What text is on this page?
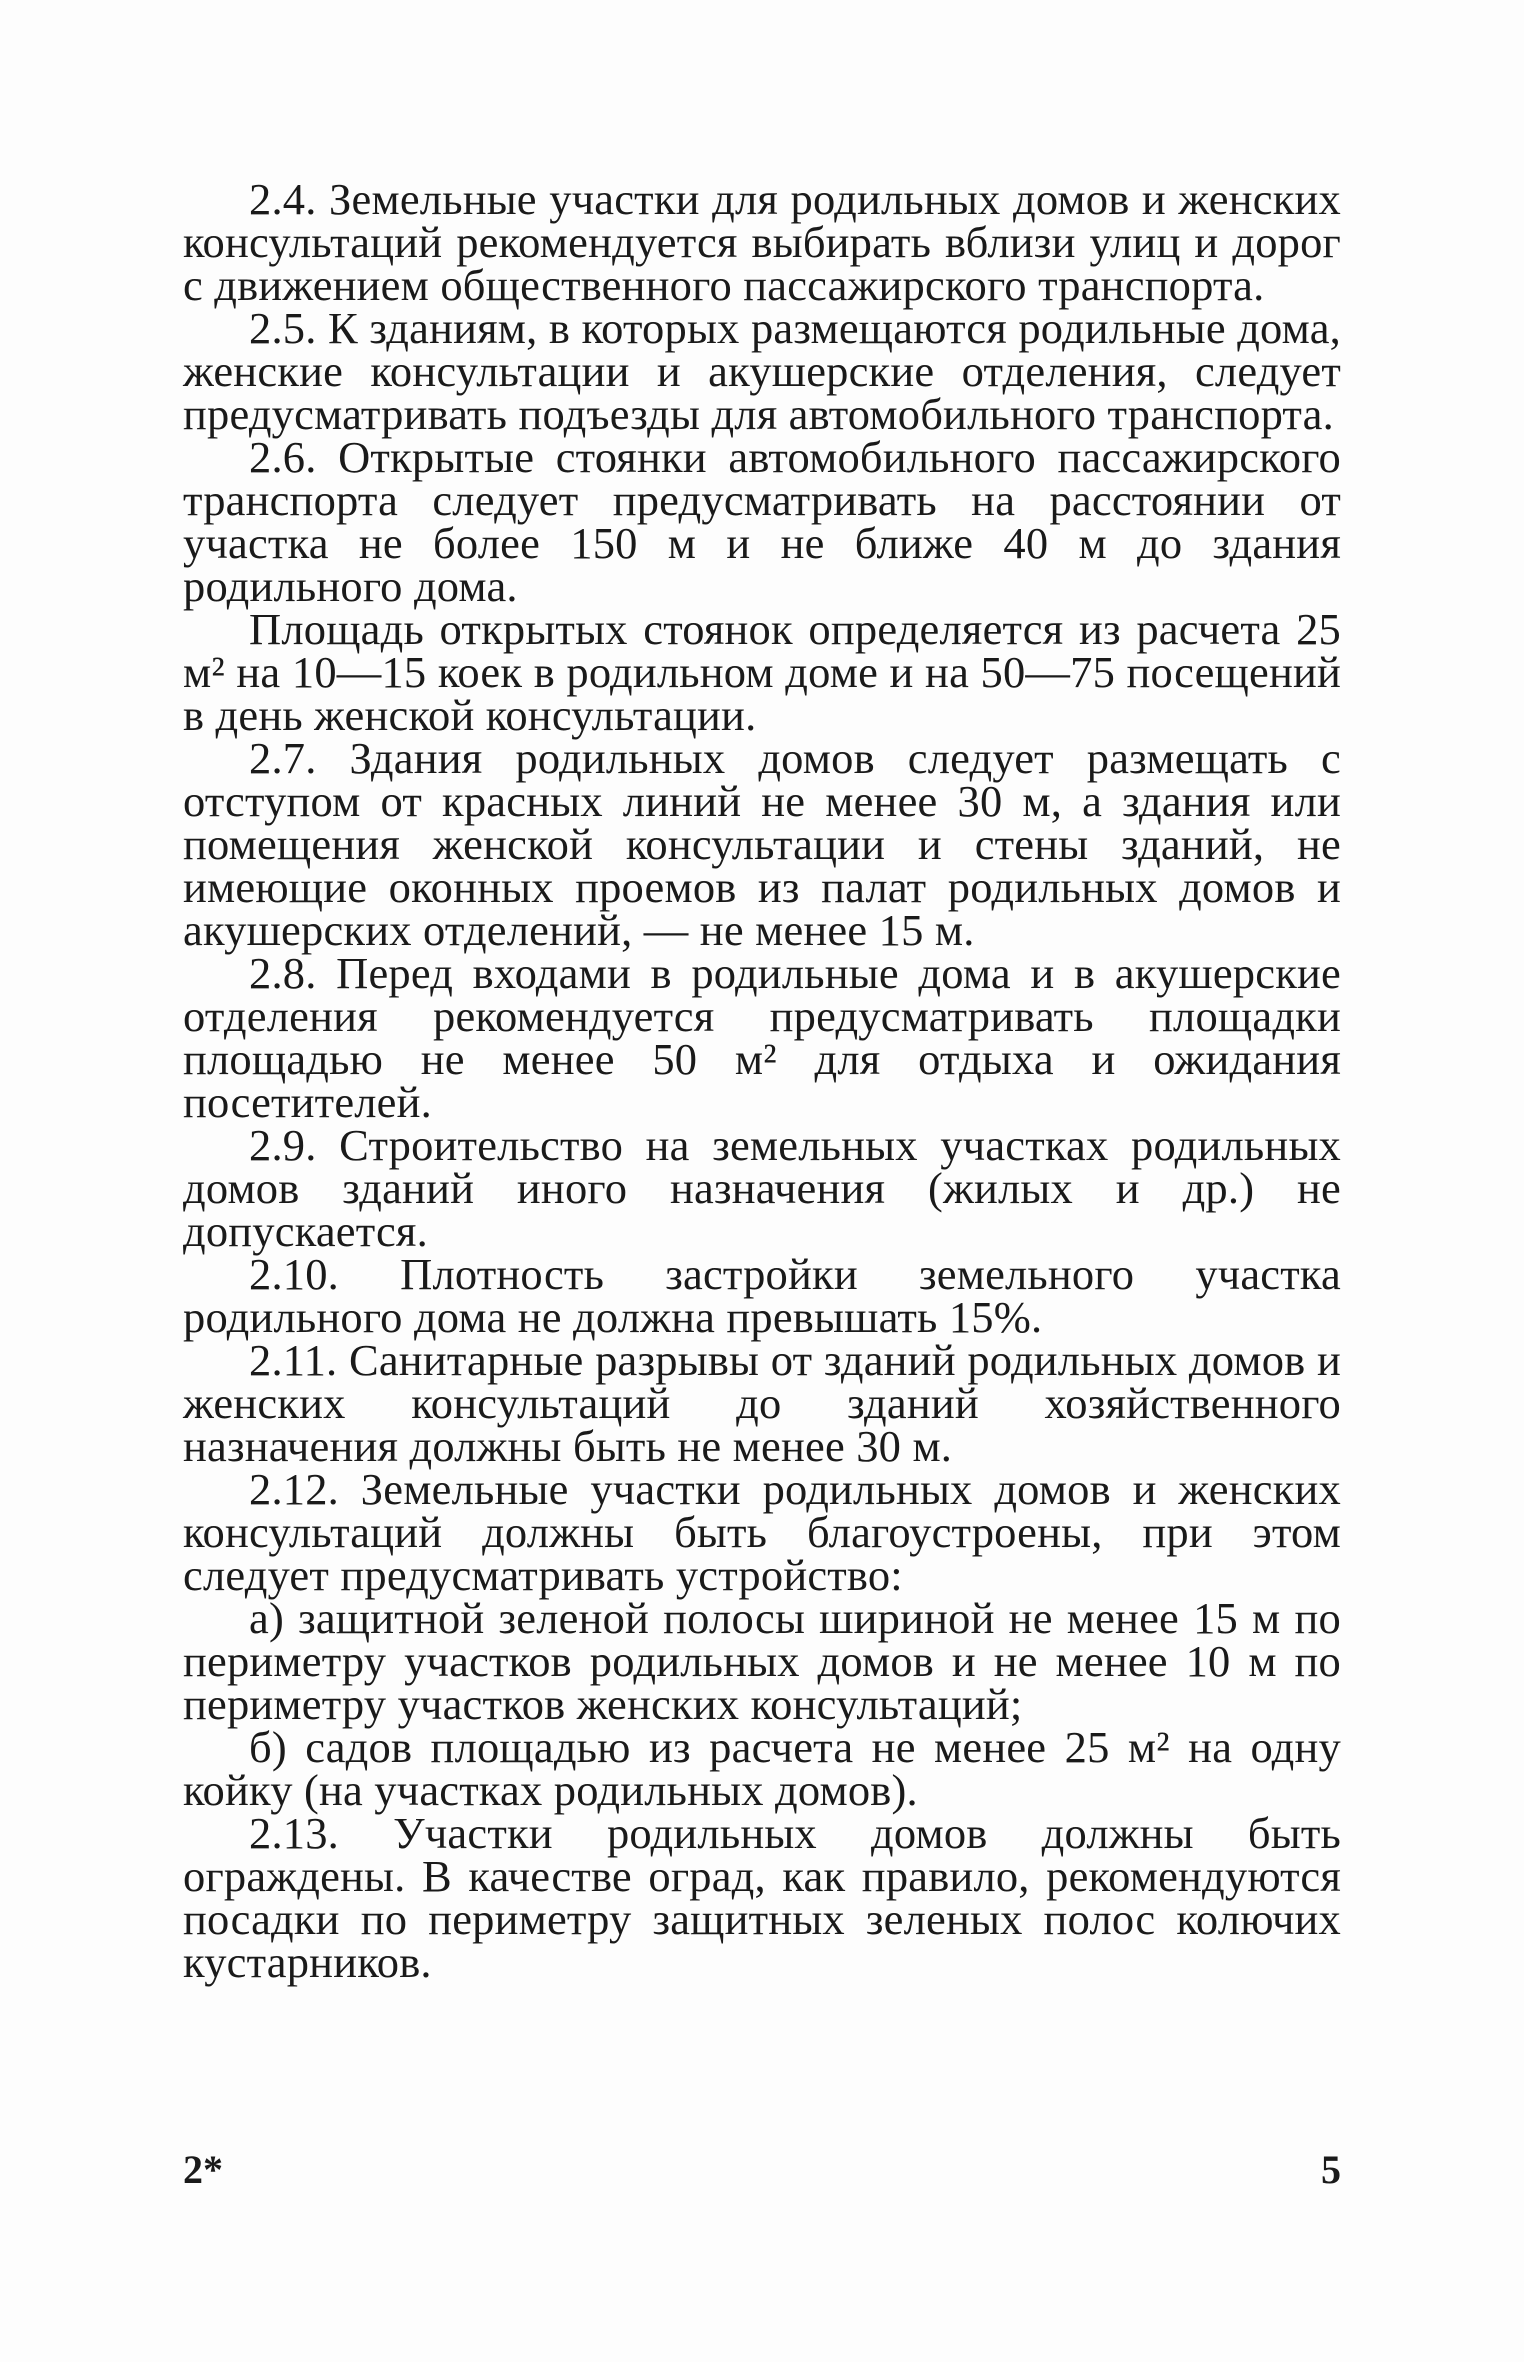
2.4. Земельные участки для родильных домов и женских консультаций рекомендуется выбирать вблизи улиц и дорог с движением общественного пассажирского транспорта.

2.5. К зданиям, в которых размещаются родильные дома, женские консультации и акушерские отделения, следует предусматривать подъезды для автомобильного транспорта.

2.6. Открытые стоянки автомобильного пассажирского транспорта следует предусматривать на расстоянии от участка не более 150 м и не ближе 40 м до здания родильного дома.

Площадь открытых стоянок определяется из расчета 25 м² на 10—15 коек в родильном доме и на 50—75 посещений в день женской консультации.

2.7. Здания родильных домов следует размещать с отступом от красных линий не менее 30 м, а здания или помещения женской консультации и стены зданий, не имеющие оконных проемов из палат родильных домов и акушерских отделений, — не менее 15 м.

2.8. Перед входами в родильные дома и в акушерские отделения рекомендуется предусматривать площадки площадью не менее 50 м² для отдыха и ожидания посетителей.

2.9. Строительство на земельных участках родильных домов зданий иного назначения (жилых и др.) не допускается.

2.10. Плотность застройки земельного участка родильного дома не должна превышать 15%.

2.11. Санитарные разрывы от зданий родильных домов и женских консультаций до зданий хозяйственного назначения должны быть не менее 30 м.

2.12. Земельные участки родильных домов и женских консультаций должны быть благоустроены, при этом следует предусматривать устройство:

а) защитной зеленой полосы шириной не менее 15 м по периметру участков родильных домов и не менее 10 м по периметру участков женских консультаций;

б) садов площадью из расчета не менее 25 м² на одну койку (на участках родильных домов).

2.13. Участки родильных домов должны быть ограждены. В качестве оград, как правило, рекомендуются посадки по периметру защитных зеленых полос колючих кустарников.

2*	5
